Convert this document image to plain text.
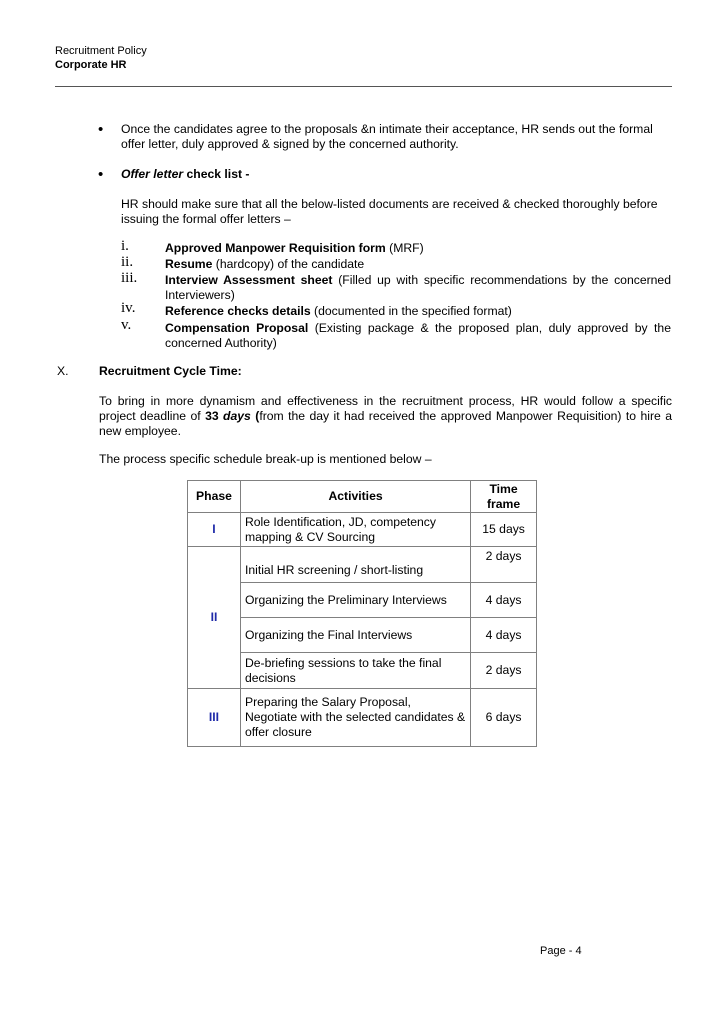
Recruitment Policy
Corporate HR
• Once the candidates agree to the proposals &n intimate their acceptance, HR sends out the formal
offer letter, duly approved & signed by the concerned authority.
• Offer letter check list -
HR should make sure that all the below-listed documents are received & checked thoroughly before
issuing the formal offer letters –
i.	Approved Manpower Requisition form (MRF)
ii.	Resume (hardcopy) of the candidate
iii. Interview Assessment sheet (Filled up with specific recommendations by the concerned
Interviewers)
iv. Reference checks details (documented in the specified format)
v.	Compensation Proposal (Existing package & the proposed plan, duly approved by the
concerned Authority)
X. Recruitment Cycle Time:
To bring in more dynamism and effectiveness in the recruitment process, HR would follow a specific
project deadline of 33 days (from the day it had received the approved Manpower Requisition) to hire a
new employee.
The process specific schedule break-up is mentioned below –
Phase	Activities	Time
frame

I	Role Identification, JD, competency mapping & CV Sourcing	15 days
II	Initial HR screening / short-listing	2 days
	Organizing the Preliminary Interviews	4 days
	Organizing the Final Interviews	4 days
	De-briefing sessions to take the final decisions	2 days
III	Preparing the Salary Proposal, Negotiate with the selected candidates & offer closure	6 days
Page - 4
